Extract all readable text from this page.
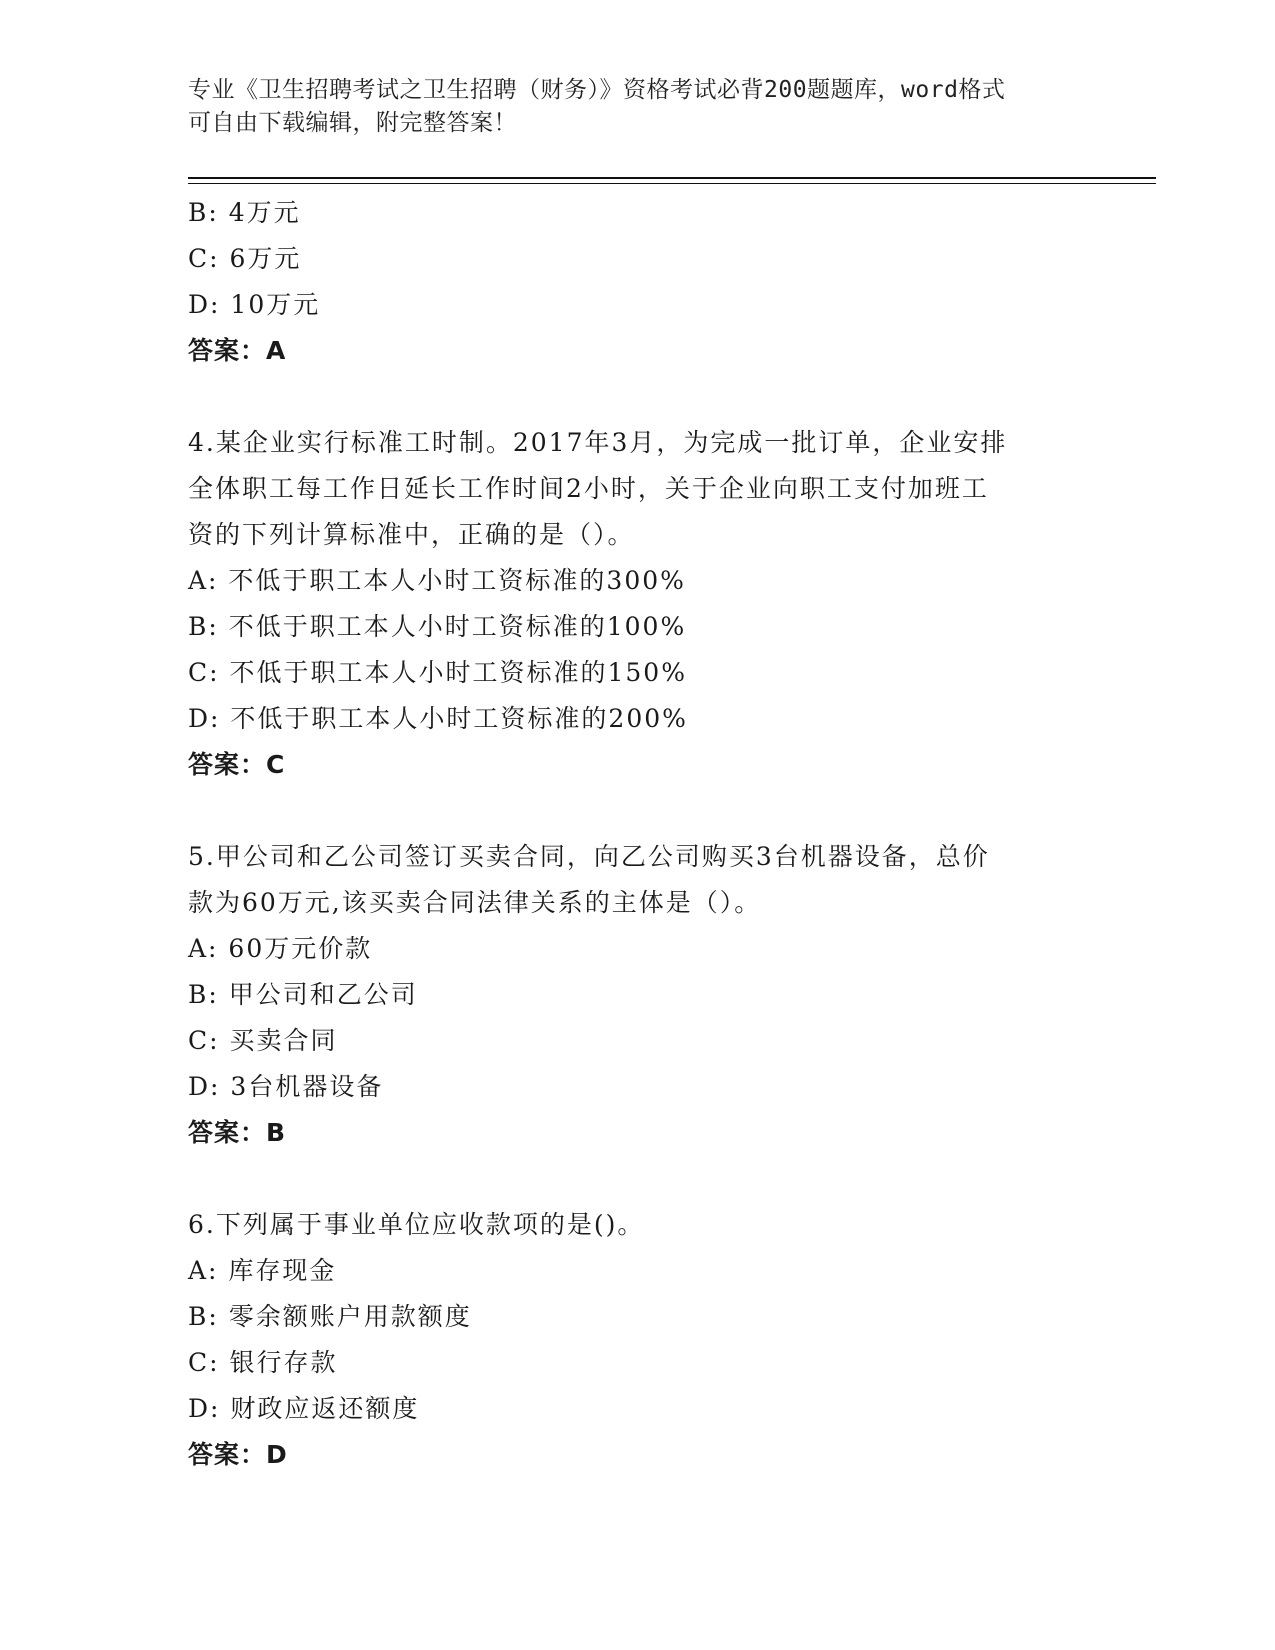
专业《卫生招聘考试之卫生招聘（财务）》资格考试必背200题题库，word格式
可自由下载编辑，附完整答案！
B: 4万元
C: 6万元
D: 10万元
答案：A
4.某企业实行标准工时制。2017年3月，为完成一批订单，企业安排
全体职工每工作日延长工作时间2小时，关于企业向职工支付加班工
资的下列计算标准中，正确的是（）。
A: 不低于职工本人小时工资标准的300%
B: 不低于职工本人小时工资标准的100%
C: 不低于职工本人小时工资标准的150%
D: 不低于职工本人小时工资标准的200%
答案：C
5.甲公司和乙公司签订买卖合同，向乙公司购买3台机器设备，总价
款为60万元,该买卖合同法律关系的主体是（）。
A: 60万元价款
B: 甲公司和乙公司
C: 买卖合同
D: 3台机器设备
答案：B
6.下列属于事业单位应收款项的是()。
A: 库存现金
B: 零余额账户用款额度
C: 银行存款
D: 财政应返还额度
答案：D
